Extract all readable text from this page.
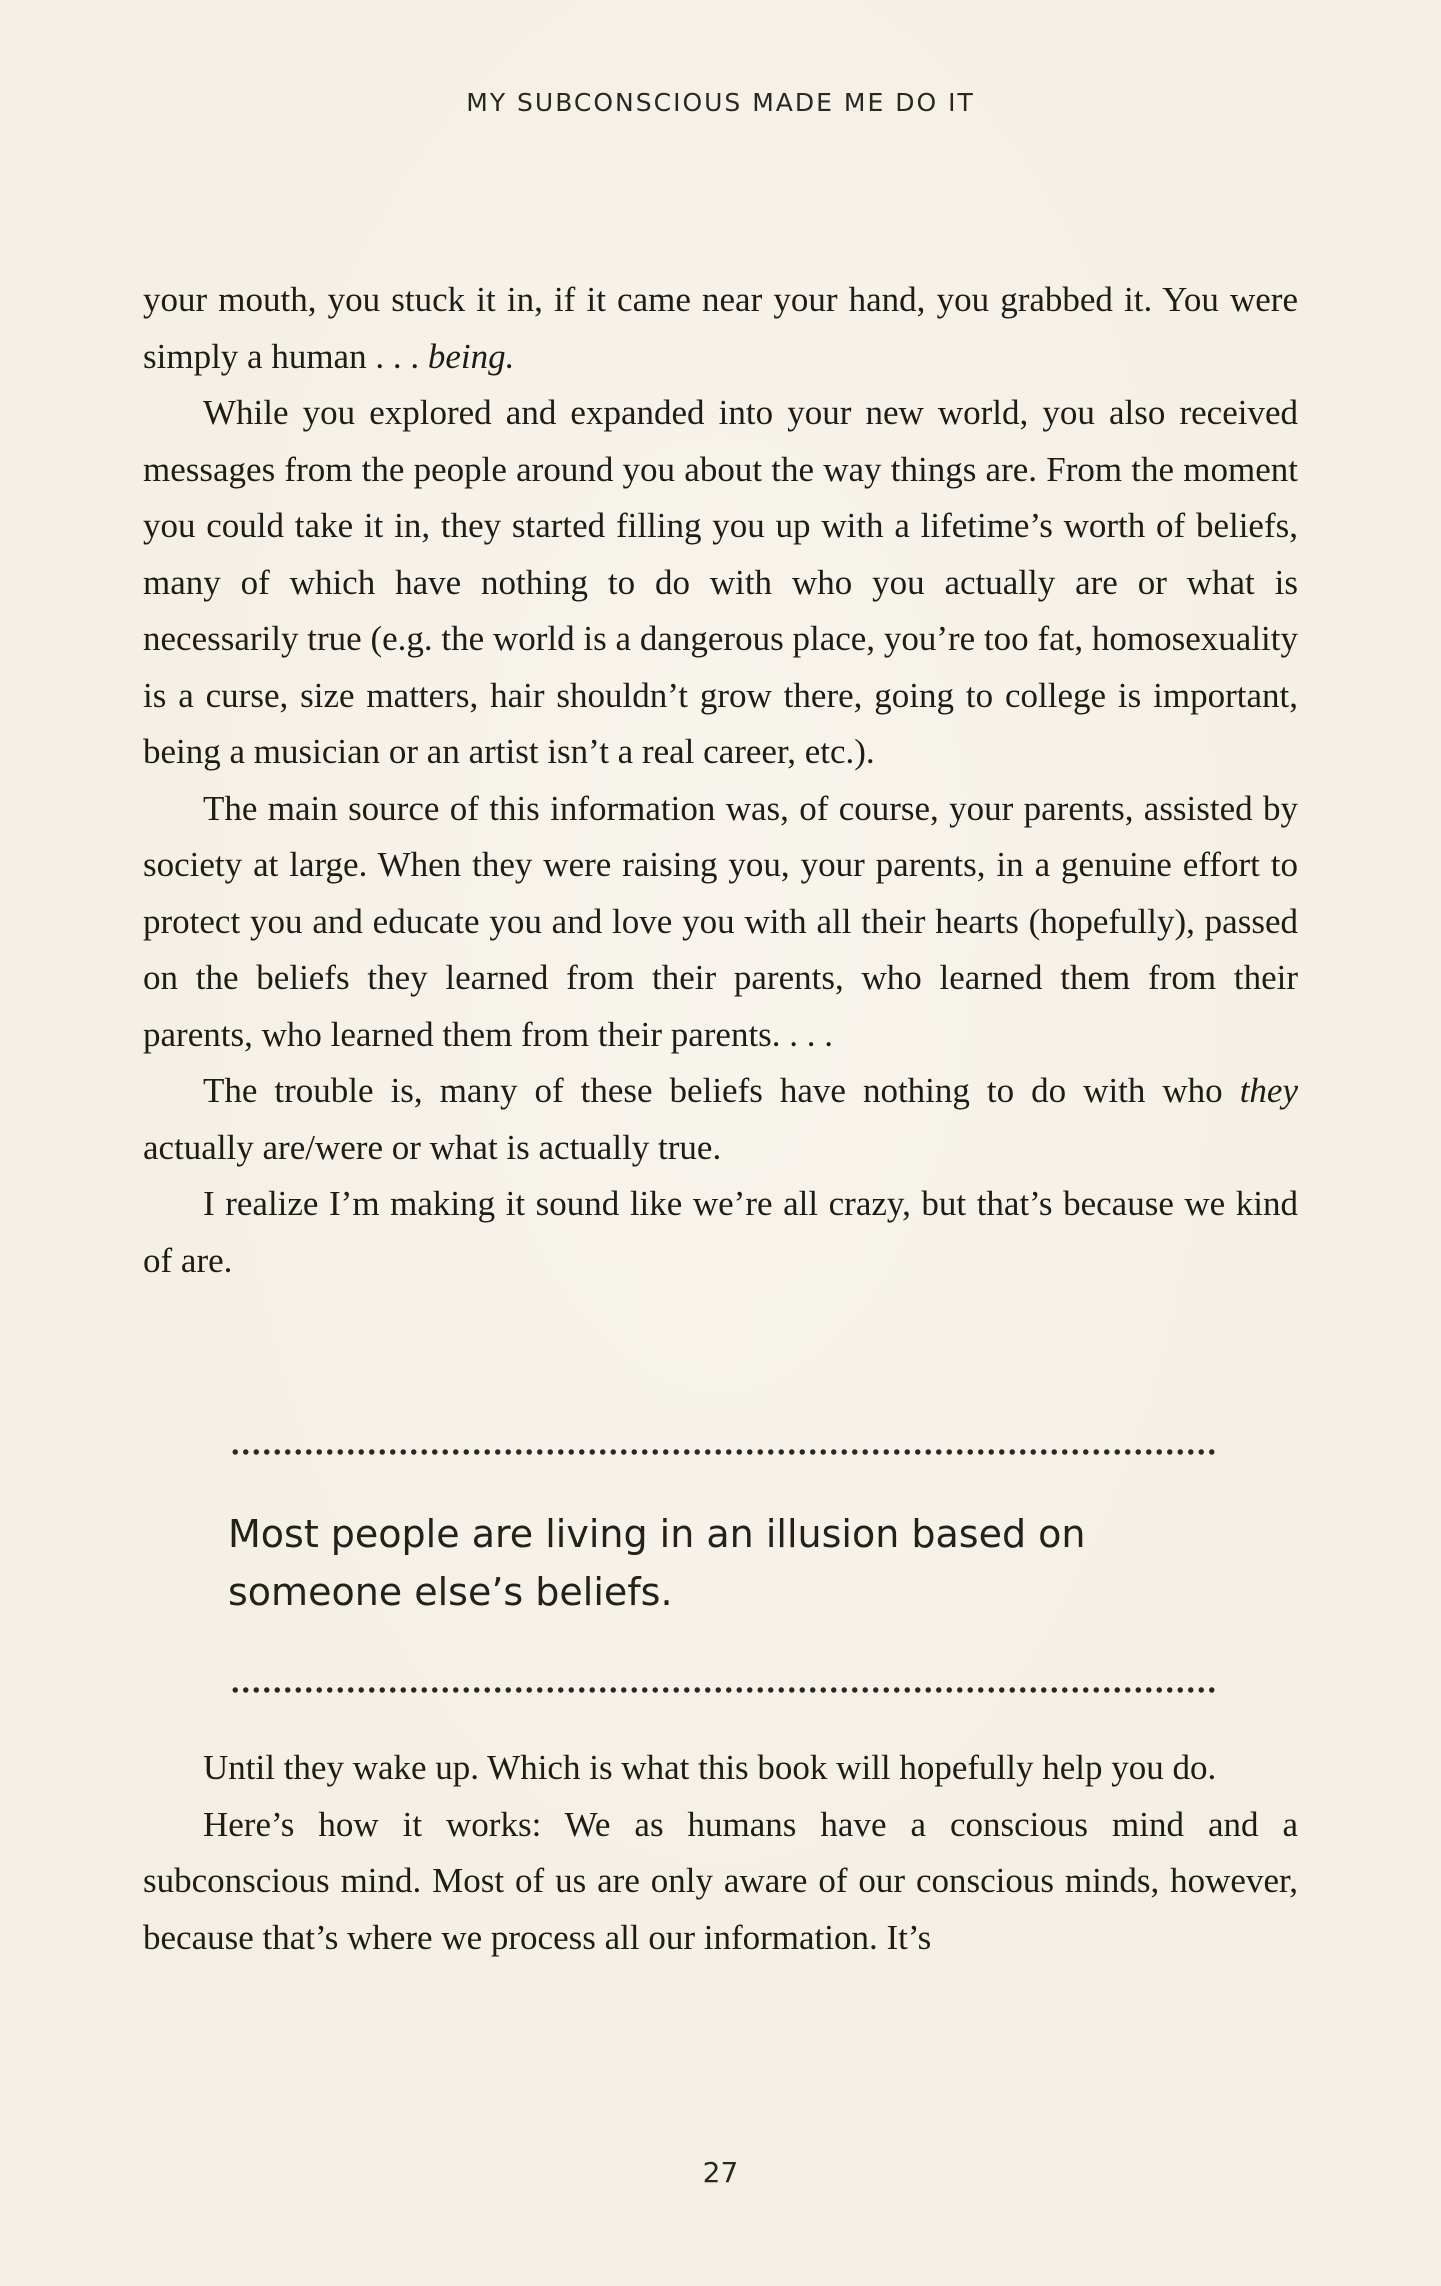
MY SUBCONSCIOUS MADE ME DO IT

your mouth, you stuck it in, if it came near your hand, you grabbed it. You were simply a human . . . being.

While you explored and expanded into your new world, you also received messages from the people around you about the way things are. From the moment you could take it in, they started filling you up with a lifetime’s worth of beliefs, many of which have nothing to do with who you actually are or what is necessarily true (e.g. the world is a dangerous place, you’re too fat, homosexuality is a curse, size matters, hair shouldn’t grow there, going to college is important, being a musician or an artist isn’t a real career, etc.).

The main source of this information was, of course, your parents, assisted by society at large. When they were raising you, your parents, in a genuine effort to protect you and educate you and love you with all their hearts (hopefully), passed on the beliefs they learned from their parents, who learned them from their parents, who learned them from their parents. . . .

The trouble is, many of these beliefs have nothing to do with who they actually are/were or what is actually true.

I realize I’m making it sound like we’re all crazy, but that’s because we kind of are.

Most people are living in an illusion based on someone else’s beliefs.

Until they wake up. Which is what this book will hopefully help you do.

Here’s how it works: We as humans have a conscious mind and a subconscious mind. Most of us are only aware of our conscious minds, however, because that’s where we process all our information. It’s

27
